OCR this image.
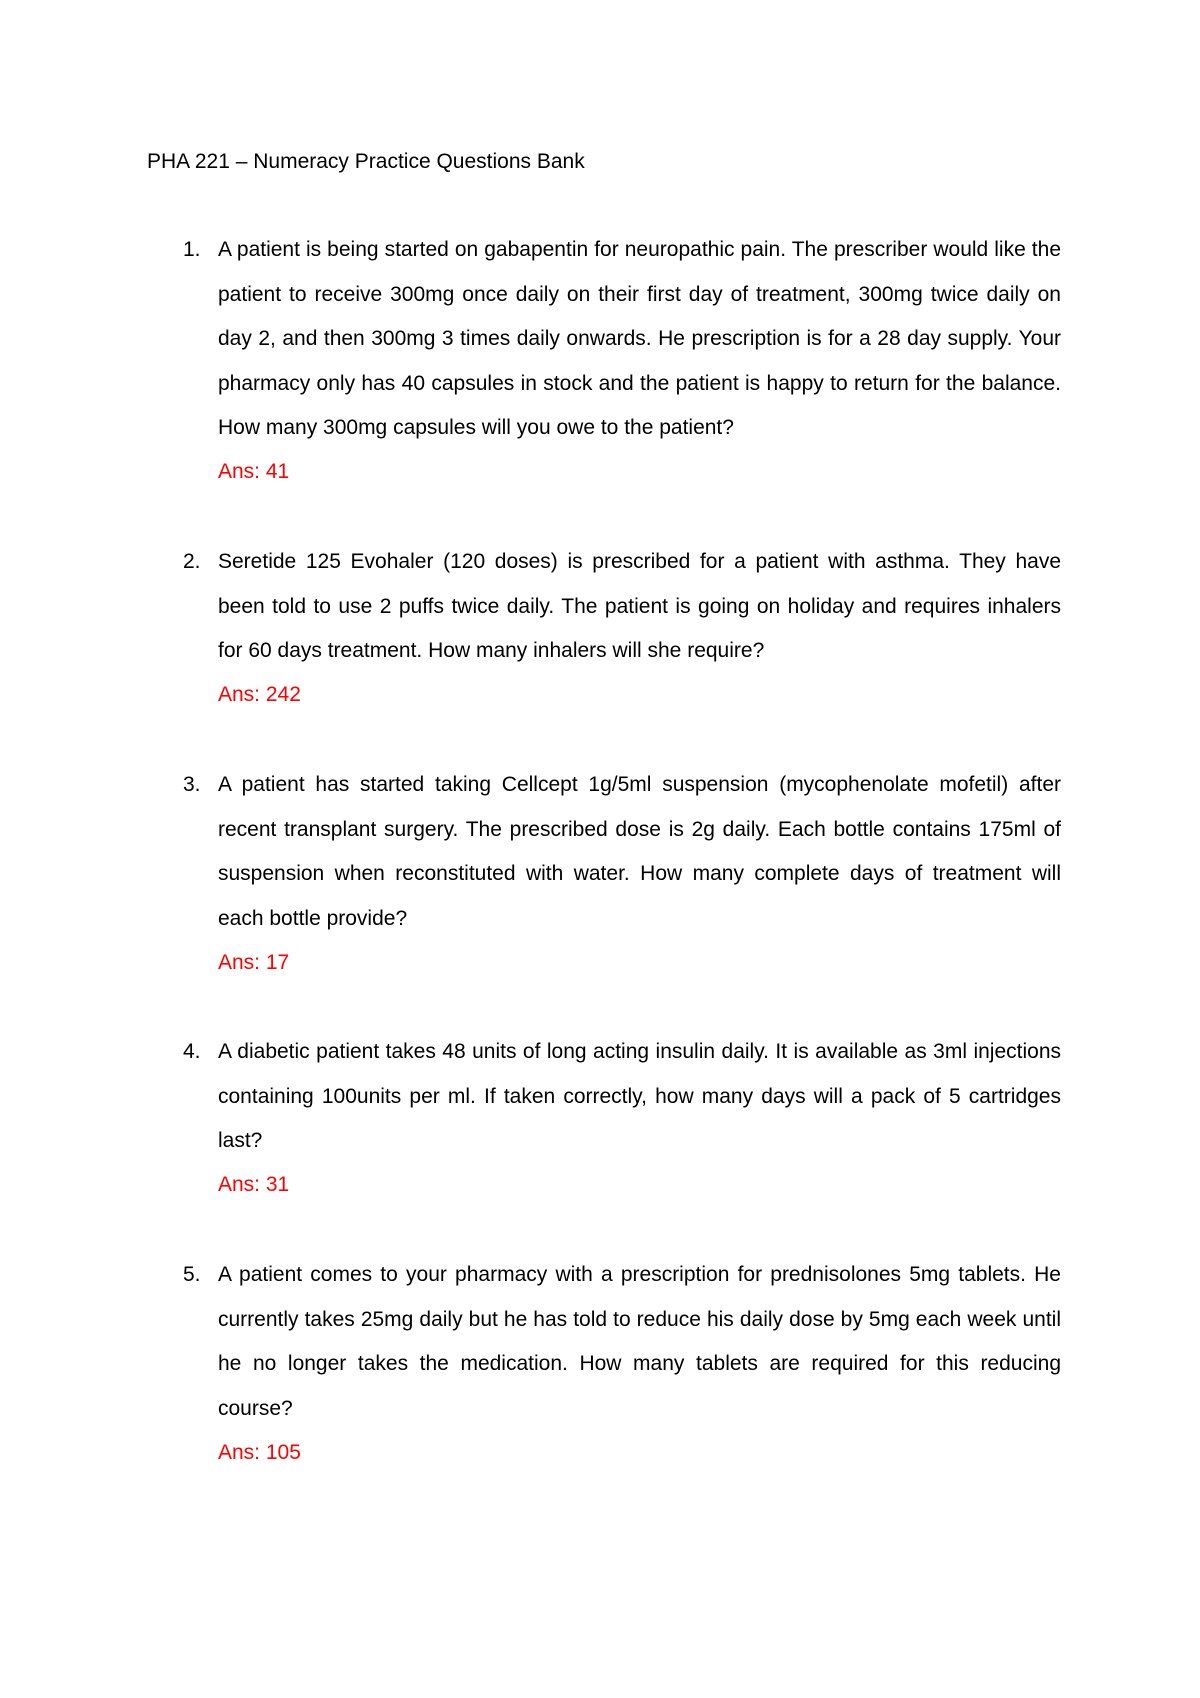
PHA 221 – Numeracy Practice Questions Bank
1. A patient is being started on gabapentin for neuropathic pain. The prescriber would like the patient to receive 300mg once daily on their first day of treatment, 300mg twice daily on day 2, and then 300mg 3 times daily onwards. He prescription is for a 28 day supply. Your pharmacy only has 40 capsules in stock and the patient is happy to return for the balance. How many 300mg capsules will you owe to the patient?

Ans: 41
2. Seretide 125 Evohaler (120 doses) is prescribed for a patient with asthma. They have been told to use 2 puffs twice daily. The patient is going on holiday and requires inhalers for 60 days treatment. How many inhalers will she require?

Ans: 242
3. A patient has started taking Cellcept 1g/5ml suspension (mycophenolate mofetil) after recent transplant surgery. The prescribed dose is 2g daily. Each bottle contains 175ml of suspension when reconstituted with water. How many complete days of treatment will each bottle provide?

Ans: 17
4. A diabetic patient takes 48 units of long acting insulin daily. It is available as 3ml injections containing 100units per ml. If taken correctly, how many days will a pack of 5 cartridges last?

Ans: 31
5. A patient comes to your pharmacy with a prescription for prednisolones 5mg tablets. He currently takes 25mg daily but he has told to reduce his daily dose by 5mg each week until he no longer takes the medication. How many tablets are required for this reducing course?

Ans: 105
